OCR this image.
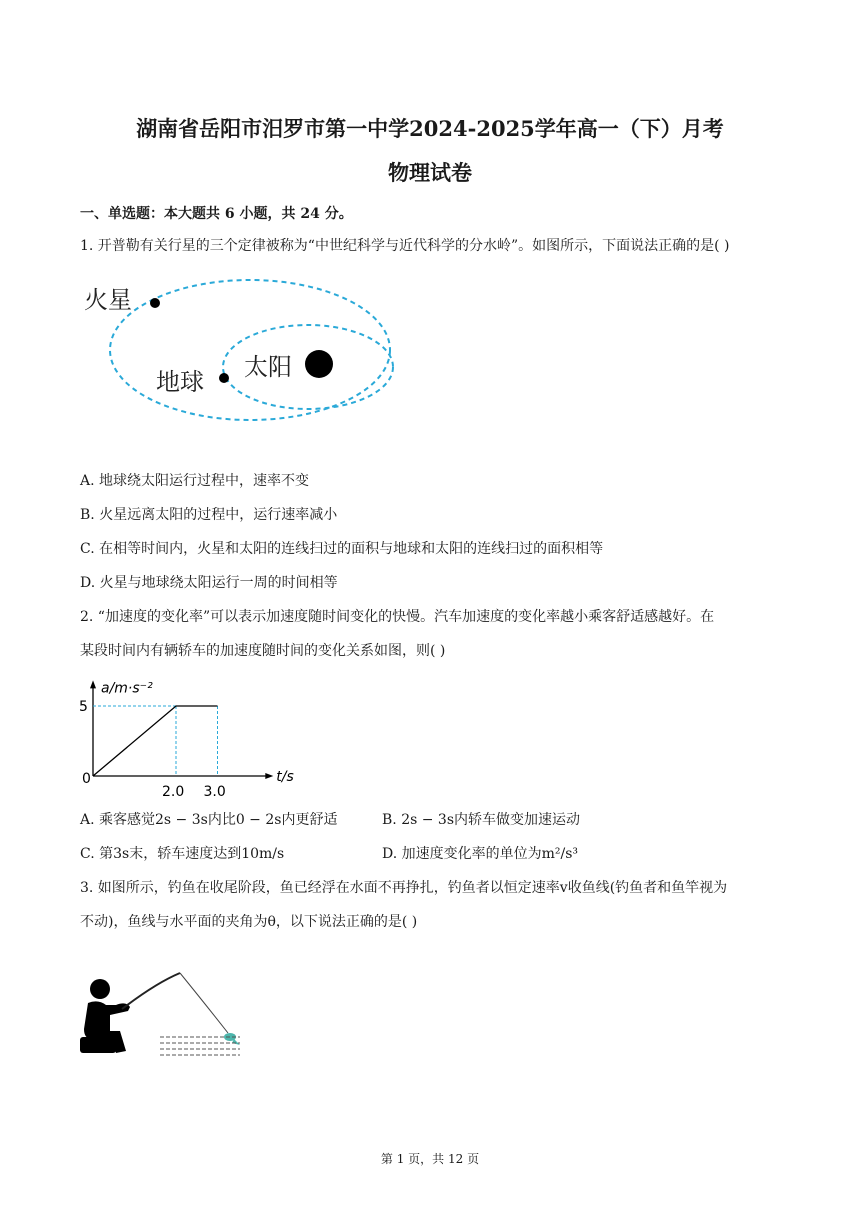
湖南省岳阳市汨罗市第一中学2024-2025学年高一（下）月考
物理试卷
一、单选题：本大题共 6 小题，共 24 分。
1. 开普勒有关行星的三个定律被称为“中世纪科学与近代科学的分水岭”。如图所示，下面说法正确的是( )
火星
地球
太阳
A. 地球绕太阳运行过程中，速率不变
B. 火星远离太阳的过程中，运行速率减小
C. 在相等时间内，火星和太阳的连线扫过的面积与地球和太阳的连线扫过的面积相等
D. 火星与地球绕太阳运行一周的时间相等
2. “加速度的变化率”可以表示加速度随时间变化的快慢。汽车加速度的变化率越小乘客舒适感越好。在
某段时间内有辆轿车的加速度随时间的变化关系如图，则( )
a/m·s⁻²
t/s
5
0
2.0 3.0
A. 乘客感觉2s − 3s内比0 − 2s内更舒适	B. 2s − 3s内轿车做变加速运动
C. 第3s末，轿车速度达到10m/s	D. 加速度变化率的单位为m²/s³
3. 如图所示，钓鱼在收尾阶段，鱼已经浮在水面不再挣扎，钓鱼者以恒定速率v收鱼线(钓鱼者和鱼竿视为
不动)，鱼线与水平面的夹角为θ，以下说法正确的是( )
第 1 页，共 12 页
